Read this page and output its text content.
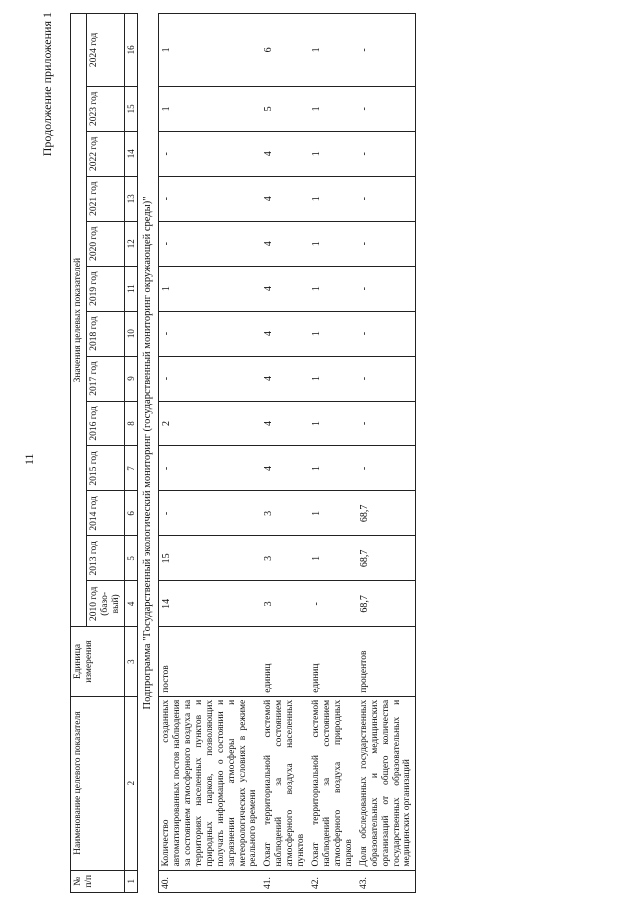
11
Продолжение приложения 1
№ п/п	Наименование целевого показателя	Единица измерения	Значения целевых показателей												
			2010 год (базо-вый)	2013 год	2014 год	2015 год	2016 год	2017 год	2018 год	2019 год	2020 год	2021 год	2022 год	2023 год	2024 год
1	2	3	4	5	6	7	8	9	10	11	12	13	14	15	16
Подпрограмма "Государственный экологический мониторинг (государственный мониторинг окружающей среды)"															
40.	Количество созданных автоматизированных постов наблюдения за состоянием атмосферного воздуха на территориях населенных пунктов и природных парков, позволяющих получать информацию о состоянии и загрязнении атмосферы и метеорологических условиях в режиме реального времени	постов	14	15	-	-	2	-	-	1	-	-	-	1	1
41.	Охват территориальной системой наблюдений за состоянием атмосферного воздуха населенных пунктов	единиц	3	3	3	4	4	4	4	4	4	4	4	5	6
42.	Охват территориальной системой наблюдений за состоянием атмосферного воздуха природных парков	единиц	-	1	1	1	1	1	1	1	1	1	1	1	1
43.	Доля обследованных государственных образовательных и медицинских организаций от общего количества государственных образовательных и медицинских организаций	процентов	68,7	68,7	68,7	-	-	-	-	-	-	-	-	-	-
